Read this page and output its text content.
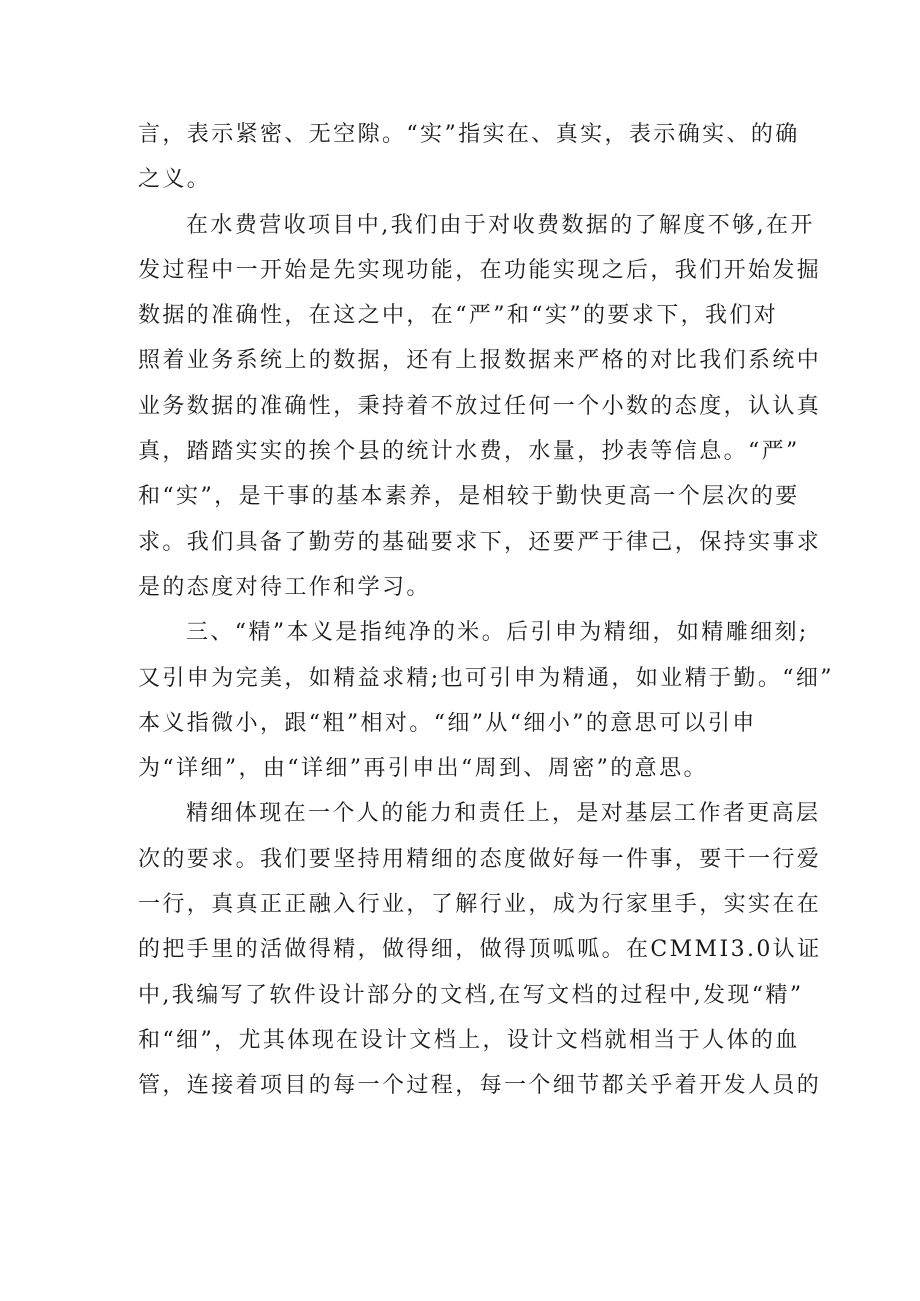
言，表示紧密、无空隙。“实”指实在、真实，表示确实、的确
之义。
在水费营收项目中,我们由于对收费数据的了解度不够,在开
发过程中一开始是先实现功能，在功能实现之后，我们开始发掘
数据的准确性，在这之中，在“严”和“实”的要求下，我们对
照着业务系统上的数据，还有上报数据来严格的对比我们系统中
业务数据的准确性，秉持着不放过任何一个小数的态度，认认真
真，踏踏实实的挨个县的统计水费，水量，抄表等信息。“严”
和“实”，是干事的基本素养，是相较于勤快更高一个层次的要
求。我们具备了勤劳的基础要求下，还要严于律己，保持实事求
是的态度对待工作和学习。
三、“精”本义是指纯净的米。后引申为精细，如精雕细刻;
又引申为完美，如精益求精;也可引申为精通，如业精于勤。“细”
本义指微小，跟“粗”相对。“细”从“细小”的意思可以引申
为“详细”，由“详细”再引申出“周到、周密”的意思。
精细体现在一个人的能力和责任上，是对基层工作者更高层
次的要求。我们要坚持用精细的态度做好每一件事，要干一行爱
一行，真真正正融入行业，了解行业，成为行家里手，实实在在
的把手里的活做得精，做得细，做得顶呱呱。在CMMI3.0认证
中,我编写了软件设计部分的文档,在写文档的过程中,发现“精”
和“细”，尤其体现在设计文档上，设计文档就相当于人体的血
管，连接着项目的每一个过程，每一个细节都关乎着开发人员的
